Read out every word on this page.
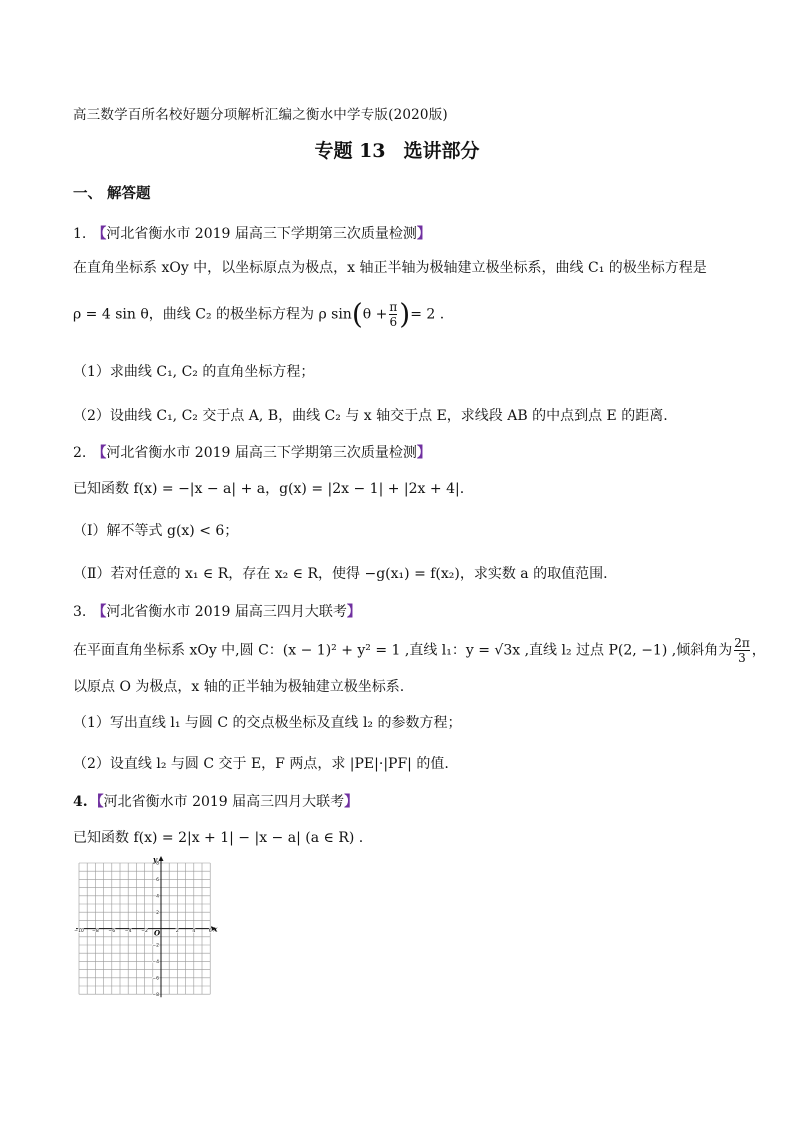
高三数学百所名校好题分项解析汇编之衡水中学专版(2020版)
专题 13 选讲部分
一、 解答题
1. 【河北省衡水市 2019 届高三下学期第三次质量检测】
在直角坐标系 xOy 中，以坐标原点为极点，x 轴正半轴为极轴建立极坐标系，曲线 C₁ 的极坐标方程是
ρ = 4 sin θ，曲线 C₂ 的极坐标方程为 ρ $\sin(\theta + \frac{\pi}{6}$ )= 2 .
（1）求曲线 C₁, C₂ 的直角坐标方程；
（2）设曲线 C₁, C₂ 交于点 A, B，曲线 C₂ 与 x 轴交于点 E，求线段 AB 的中点到点 E 的距离.
2. 【河北省衡水市 2019 届高三下学期第三次质量检测】
已知函数 f(x) = −|x − a| + a，g(x) = |2x − 1| + |2x + 4|.
（Ⅰ）解不等式 g(x) < 6；
（Ⅱ）若对任意的 x₁ ∈ R，存在 x₂ ∈ R，使得 −g(x₁) = f(x₂)，求实数 a 的取值范围.
3. 【河北省衡水市 2019 届高三四月大联考】
在平面直角坐标系 xOy 中,圆 C：(x − 1)² + y² = 1 ,直线 l₁：y = √3x ,直线 l₂ 过点 P(2, −1) ,倾斜角为 $\frac{2\pi}{3}$ ，
以原点 O 为极点，x 轴的正半轴为极轴建立极坐标系.
（1）写出直线 l₁ 与圆 C 的交点极坐标及直线 l₂ 的参数方程；
（2）设直线 l₂ 与圆 C 交于 E，F 两点，求 |PE|·|PF| 的值.
4. 【河北省衡水市 2019 届高三四月大联考】
已知函数 f(x) = 2|x + 1| − |x − a| (a ∈ R) .
x
y
O
−10 −8 −6 −4 −2	2	4	6
8
6
4
2
−2
−4
−6
−8
